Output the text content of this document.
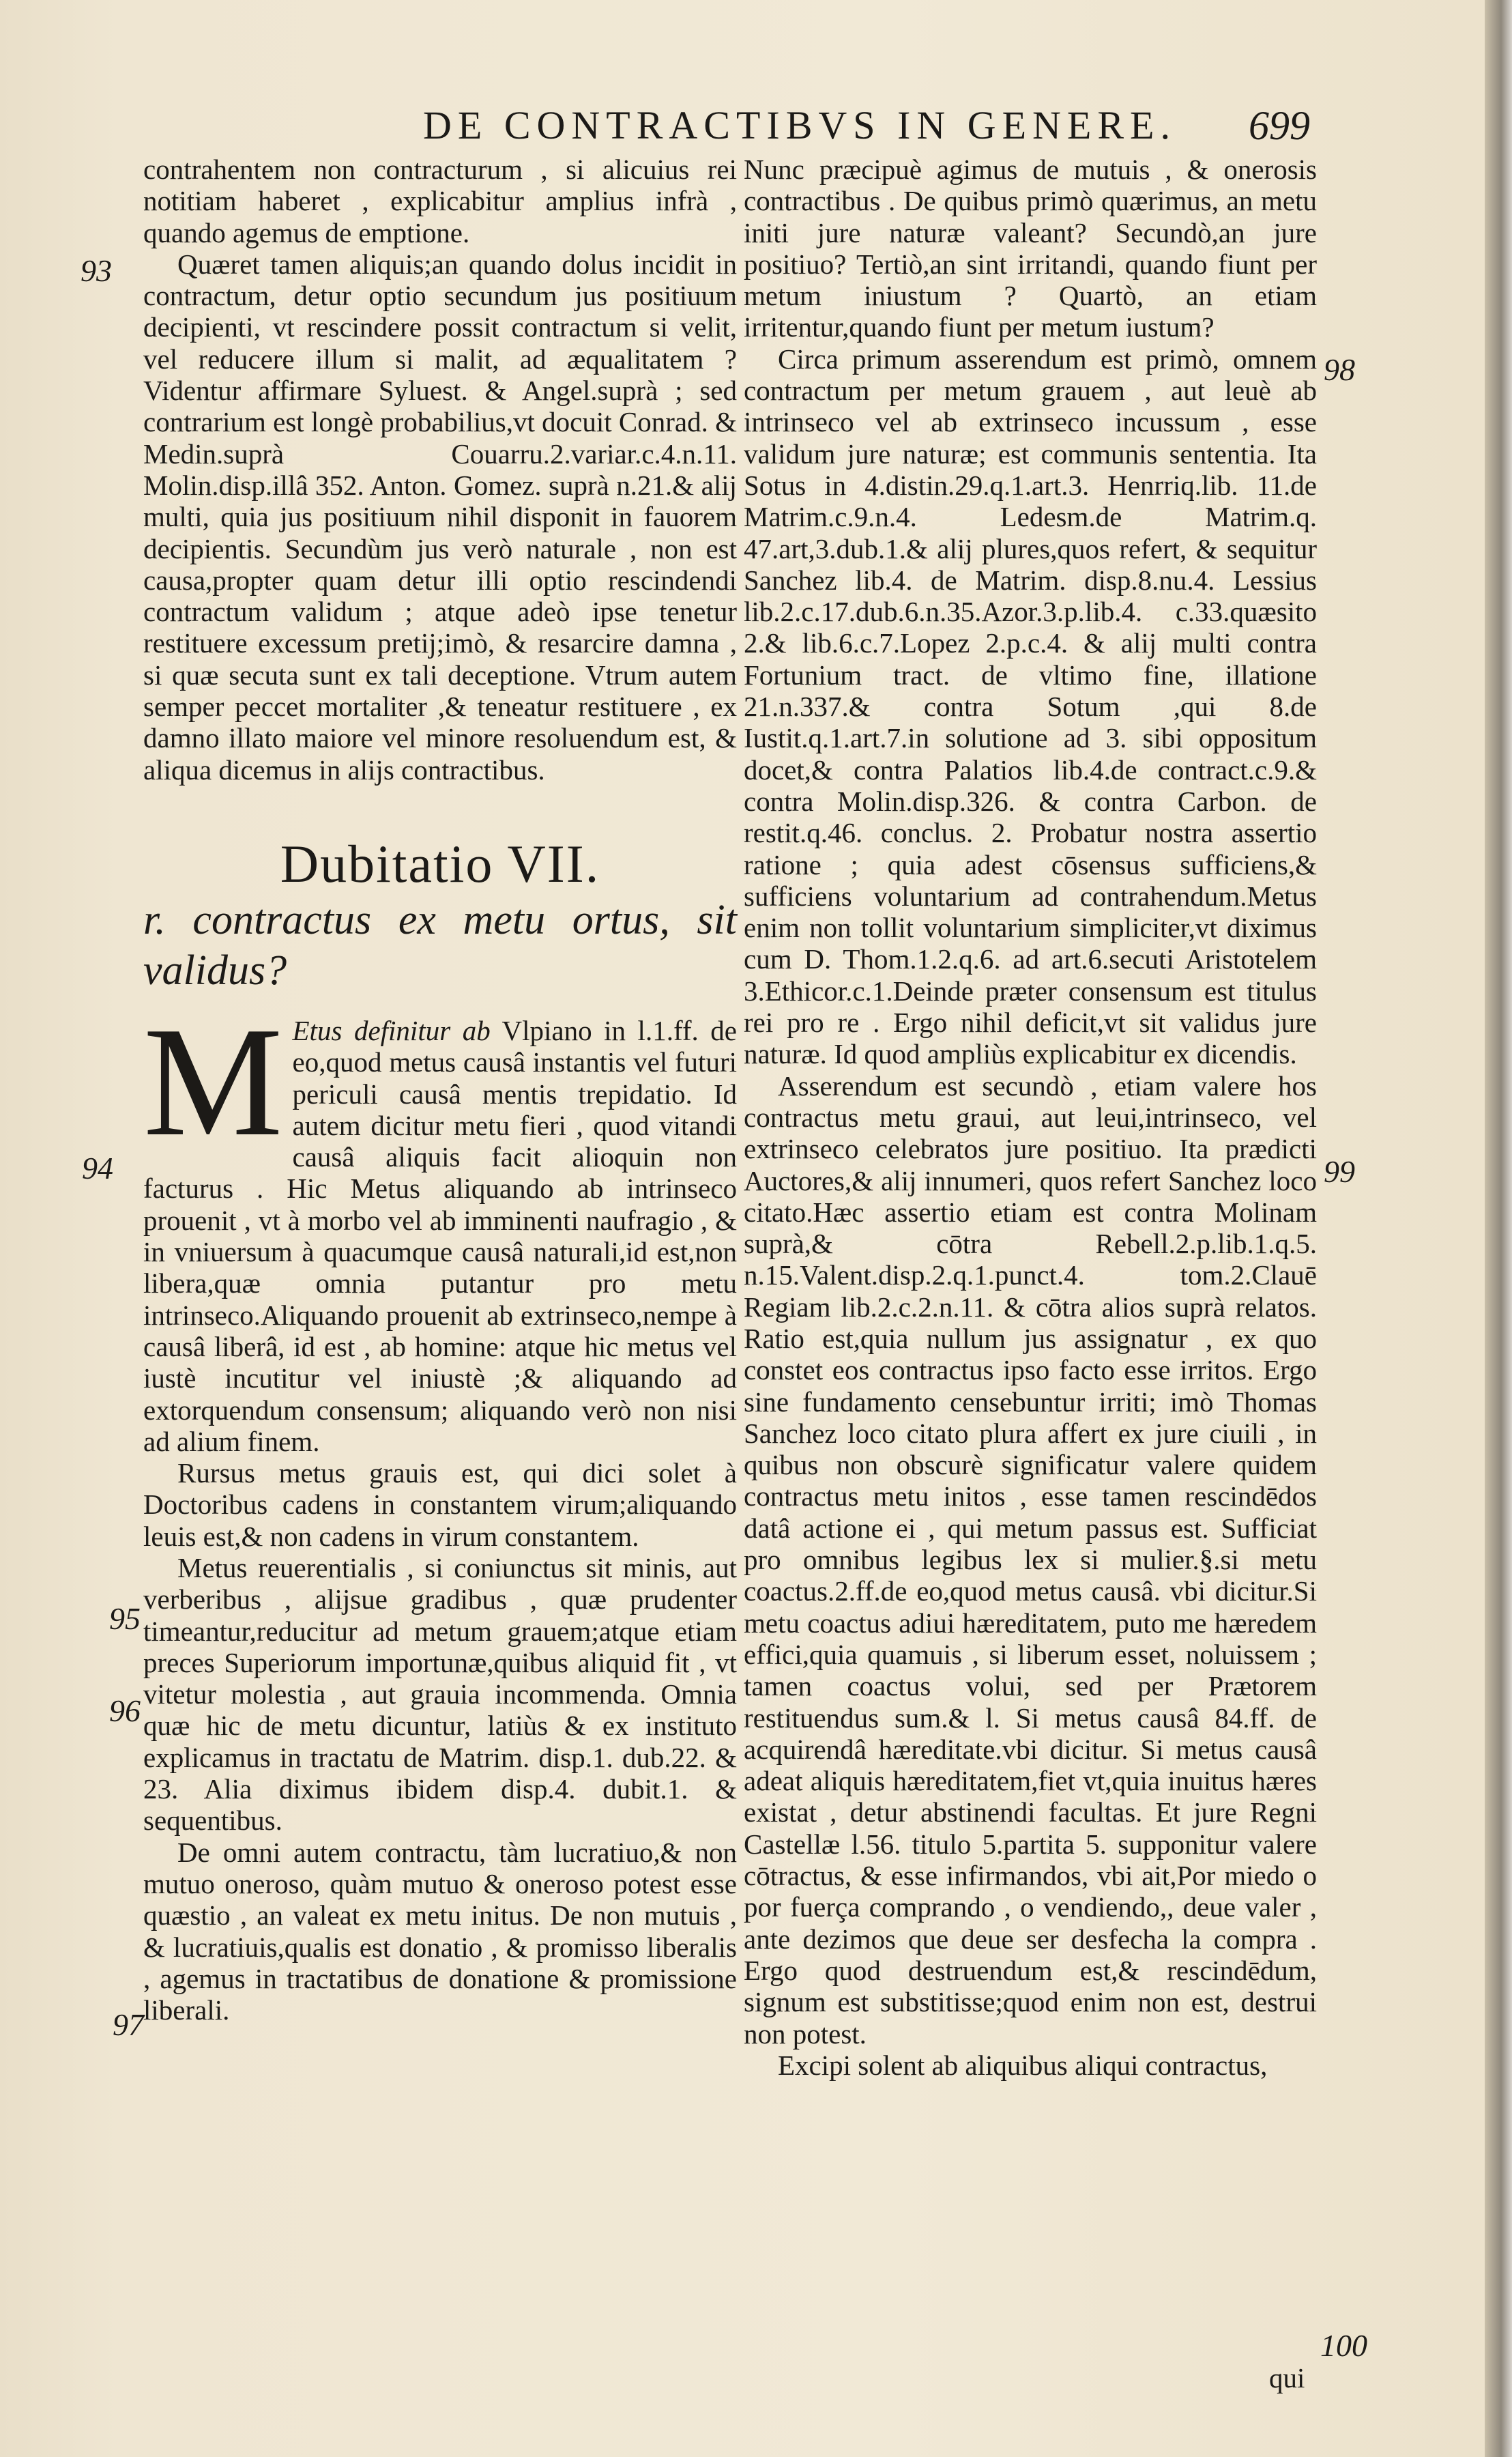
DE CONTRACTIBVS IN GENERE. 699
93
94
95
96
97
98
99
100

contrahentem non contracturum , si alicuius rei notitiam haberet , explicabitur amplius infrà , quando agemus de emptione.

Quæret tamen aliquis;an quando dolus incidit in contractum, detur optio secundum jus positiuum decipienti, vt rescindere possit contractum si velit, vel reducere illum si malit, ad æqualitatem ? Videntur affirmare Syluest. & Angel.suprà ; sed contrarium est longè probabilius,vt docuit Conrad. & Medin.suprà Couarru.2.variar.c.4.n.11. Molin.disp.illâ 352. Anton. Gomez. suprà n.21.& alij multi, quia jus positiuum nihil disponit in fauorem decipientis. Secundùm jus verò naturale , non est causa,propter quam detur illi optio rescindendi contractum validum ; atque adeò ipse tenetur restituere excessum pretij;imò, & resarcire damna , si quæ secuta sunt ex tali deceptione. Vtrum autem semper peccet mortaliter ,& teneatur restituere , ex damno illato maiore vel minore resoluendum est, & aliqua dicemus in alijs contractibus.

Dubitatio VII.

r. contractus ex metu ortus, sit validus?

M Etus definitur ab Vlpiano in l.1.ff. de eo,quod metus causâ instantis vel futuri periculi causâ mentis trepidatio. Id autem dicitur metu fieri , quod vitandi causâ aliquis facit alioquin non facturus . Hic Metus aliquando ab intrinseco prouenit , vt à morbo vel ab imminenti naufragio , & in vniuersum à quacumque causâ naturali,id est,non libera,quæ omnia putantur pro metu intrinseco.Aliquando prouenit ab extrinseco,nempe à causâ liberâ, id est , ab homine: atque hic metus vel iustè incutitur vel iniustè ;& aliquando ad extorquendum consensum; aliquando verò non nisi ad alium finem.

Rursus metus grauis est, qui dici solet à Doctoribus cadens in constantem virum;aliquando leuis est,& non cadens in virum constantem.

Metus reuerentialis , si coniunctus sit minis, aut verberibus , alijsue gradibus , quæ prudenter timeantur,reducitur ad metum grauem;atque etiam preces Superiorum importunæ,quibus aliquid fit , vt vitetur molestia , aut grauia incommenda. Omnia quæ hic de metu dicuntur, latiùs & ex instituto explicamus in tractatu de Matrim. disp.1. dub.22. & 23. Alia diximus ibidem disp.4. dubit.1. & sequentibus.

De omni autem contractu, tàm lucratiuo,& non mutuo oneroso, quàm mutuo & oneroso potest esse quæstio , an valeat ex metu initus. De non mutuis , & lucratiuis,qualis est donatio , & promisso liberalis , agemus in tractatibus de donatione & promissione liberali.

Nunc præcipuè agimus de mutuis , & onerosis contractibus . De quibus primò quærimus, an metu initi jure naturæ valeant? Secundò,an jure positiuo? Tertiò,an sint irritandi, quando fiunt per metum iniustum ? Quartò, an etiam irritentur,quando fiunt per metum iustum?

Circa primum asserendum est primò, omnem contractum per metum grauem , aut leuè ab intrinseco vel ab extrinseco incussum , esse validum jure naturæ; est communis sententia. Ita Sotus in 4.distin.29.q.1.art.3. Henrriq.lib. 11.de Matrim.c.9.n.4. Ledesm.de Matrim.q. 47.art,3.dub.1.& alij plures,quos refert, & sequitur Sanchez lib.4. de Matrim. disp.8.nu.4. Lessius lib.2.c.17.dub.6.n.35.Azor.3.p.lib.4. c.33.quæsito 2.& lib.6.c.7.Lopez 2.p.c.4. & alij multi contra Fortunium tract. de vltimo fine, illatione 21.n.337.& contra Sotum ,qui 8.de Iustit.q.1.art.7.in solutione ad 3. sibi oppositum docet,& contra Palatios lib.4.de contract.c.9.& contra Molin.disp.326. & contra Carbon. de restit.q.46. conclus. 2. Probatur nostra assertio ratione ; quia adest cōsensus sufficiens,& sufficiens voluntarium ad contrahendum.Metus enim non tollit voluntarium simpliciter,vt diximus cum D. Thom.1.2.q.6. ad art.6.secuti Aristotelem 3.Ethicor.c.1.Deinde præter consensum est titulus rei pro re . Ergo nihil deficit,vt sit validus jure naturæ. Id quod ampliùs explicabitur ex dicendis.

Asserendum est secundò , etiam valere hos contractus metu graui, aut leui,intrinseco, vel extrinseco celebratos jure positiuo. Ita prædicti Auctores,& alij innumeri, quos refert Sanchez loco citato.Hæc assertio etiam est contra Molinam suprà,& cōtra Rebell.2.p.lib.1.q.5. n.15.Valent.disp.2.q.1.punct.4. tom.2.Clauē Regiam lib.2.c.2.n.11. & cōtra alios suprà relatos. Ratio est,quia nullum jus assignatur , ex quo constet eos contractus ipso facto esse irritos. Ergo sine fundamento censebuntur irriti; imò Thomas Sanchez loco citato plura affert ex jure ciuili , in quibus non obscurè significatur valere quidem contractus metu initos , esse tamen rescindēdos datâ actione ei , qui metum passus est. Sufficiat pro omnibus legibus lex si mulier.§.si metu coactus.2.ff.de eo,quod metus causâ. vbi dicitur.Si metu coactus adiui hæreditatem, puto me hæredem effici,quia quamuis , si liberum esset, noluissem ; tamen coactus volui, sed per Prætorem restituendus sum.& l. Si metus causâ 84.ff. de acquirendâ hæreditate.vbi dicitur. Si metus causâ adeat aliquis hæreditatem,fiet vt,quia inuitus hæres existat , detur abstinendi facultas. Et jure Regni Castellæ l.56. titulo 5.partita 5. supponitur valere cōtractus, & esse infirmandos, vbi ait,Por miedo o por fuerça comprando , o vendiendo,, deue valer , ante dezimos que deue ser desfecha la compra . Ergo quod destruendum est,& rescindēdum, signum est substitisse;quod enim non est, destrui non potest.

Excipi solent ab aliquibus aliqui contractus,

qui
